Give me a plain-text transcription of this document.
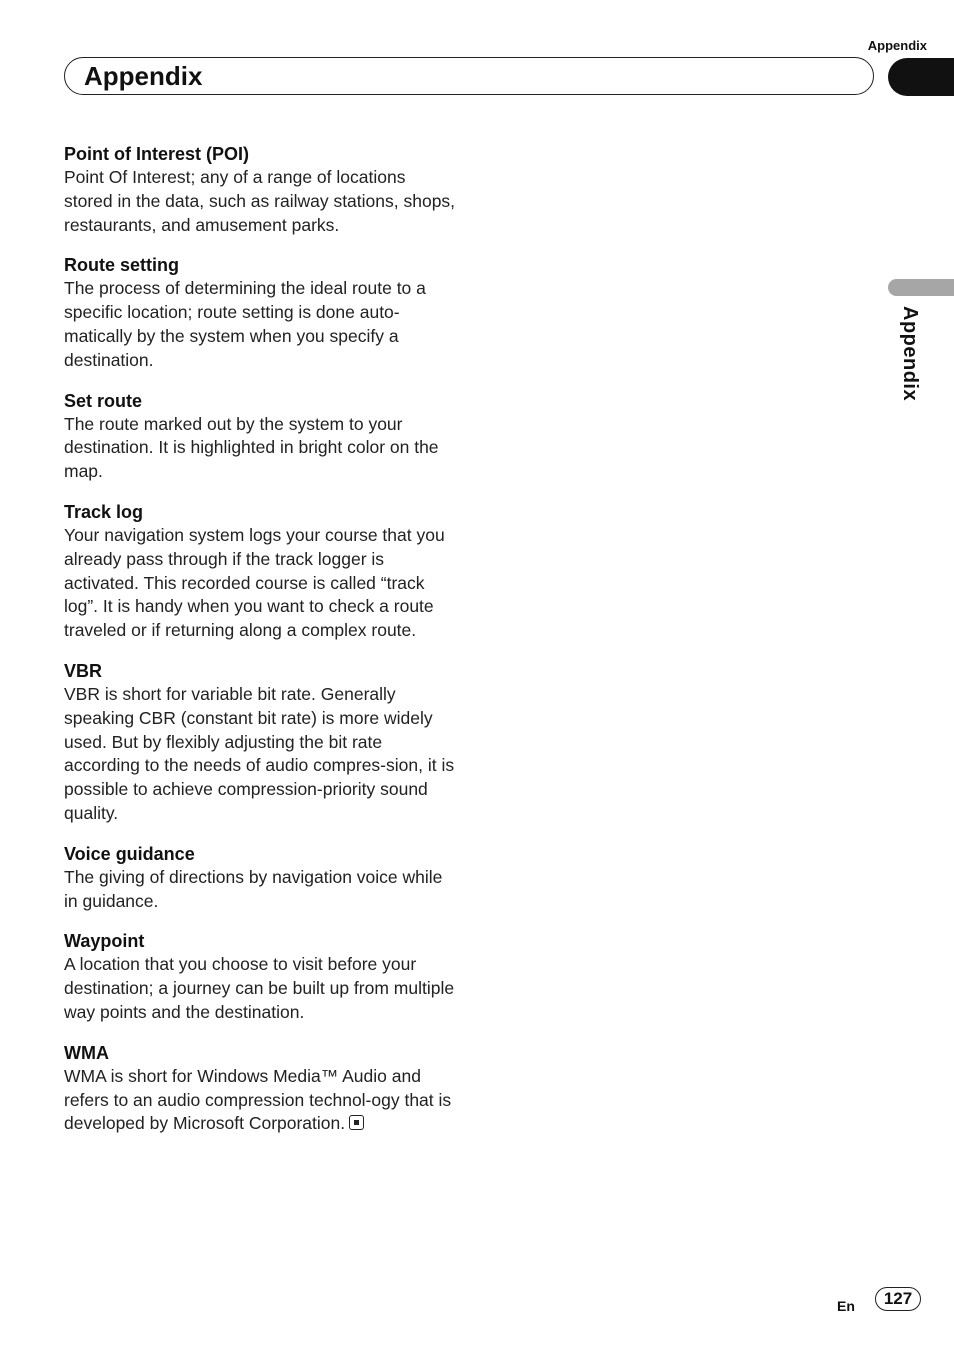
Appendix
Appendix
Appendix
Point of Interest (POI)
Point Of Interest; any of a range of locations stored in the data, such as railway stations, shops, restaurants, and amusement parks.
Route setting
The process of determining the ideal route to a specific location; route setting is done auto-matically by the system when you specify a destination.
Set route
The route marked out by the system to your destination. It is highlighted in bright color on the map.
Track log
Your navigation system logs your course that you already pass through if the track logger is activated. This recorded course is called “track log”. It is handy when you want to check a route traveled or if returning along a complex route.
VBR
VBR is short for variable bit rate. Generally speaking CBR (constant bit rate) is more widely used. But by flexibly adjusting the bit rate according to the needs of audio compres-sion, it is possible to achieve compression-priority sound quality.
Voice guidance
The giving of directions by navigation voice while in guidance.
Waypoint
A location that you choose to visit before your destination; a journey can be built up from multiple way points and the destination.
WMA
WMA is short for Windows Media™ Audio and refers to an audio compression technol-ogy that is developed by Microsoft Corporation.
En	127
